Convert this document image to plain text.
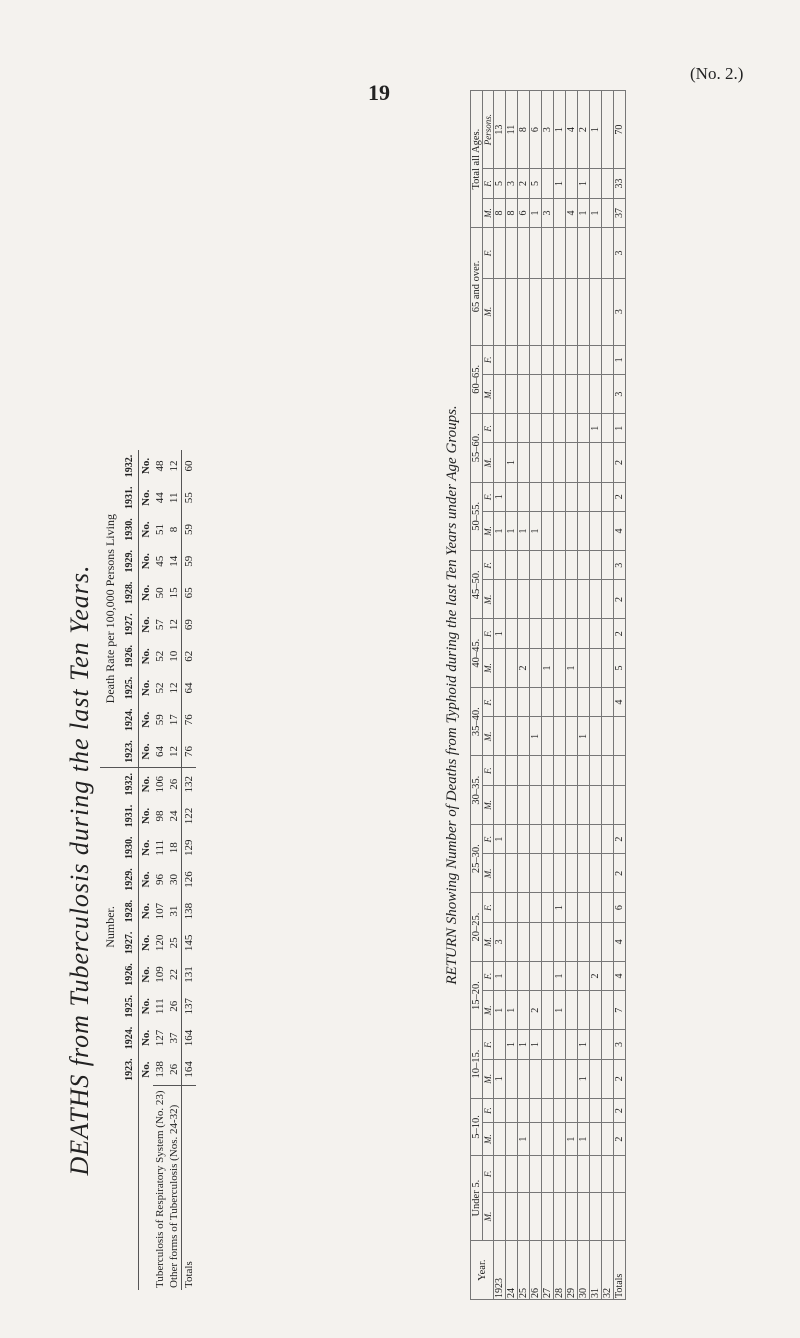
19
(No. 2.)
DEATHS from Tuberculosis during the last Ten Years.
	Number.										Death Rate per 100,000 Persons Living									
	1923.	1924.	1925.	1926.	1927.	1928.	1929.	1930.	1931.	1932.	1923.	1924.	1925.	1926.	1927.	1928.	1929.	1930.	1931.	1932.
	No.	No.	No.	No.	No.	No.	No.	No.	No.	No.	No.	No.	No.	No.	No.	No.	No.	No.	No.	No.
Tuberculosis of Respiratory System (No. 23)	138	127	111	109	120	107	96	111	98	106	64	59	52	52	57	50	45	51	44	48
Other forms of Tuberculosis (Nos. 24-32)	26	37	26	22	25	31	30	18	24	26	12	17	12	10	12	15	14	8	11	12
Totals	164	164	137	131	145	138	126	129	122	132	76	76	64	62	69	65	59	59	55	60	RETURN Showing Number of Deaths from Typhoid during the last Ten Years under Age Groups.
Year.	Under 5.		5–10.		10–15.		15–20.		20–25.		25–30.		30–35.		35–40.		40–45.		45–50.		50–55.		55–60.		60–65.		65 and over.		Total all Ages.		
	M.	F.	M.	F.	M.	F.	M.	F.	M.	F.	M.	F.	M.	F.	M.	F.	M.	F.	M.	F.	M.	F.	M.	F.	M.	F.	M.	F.	M.	F.	Persons.
1923					1		1	1	3			1						1			1	1							8	5	13
24						1	1														1		1						8	3	11
25			1			1											2				1								6	2	8
26						1	2								1						1								1	5	6
27																	1												3		3
28							1	1		1																				1	1
29			1														1												4		4
30			1		1	1									1														1	1	2
31								2																1					1		1
32																															
Totals			2	2	2	3	7	4	4	6	2	2				4	5	2	2	3	4	2	2	1	3	1	3	3	37	33	70
